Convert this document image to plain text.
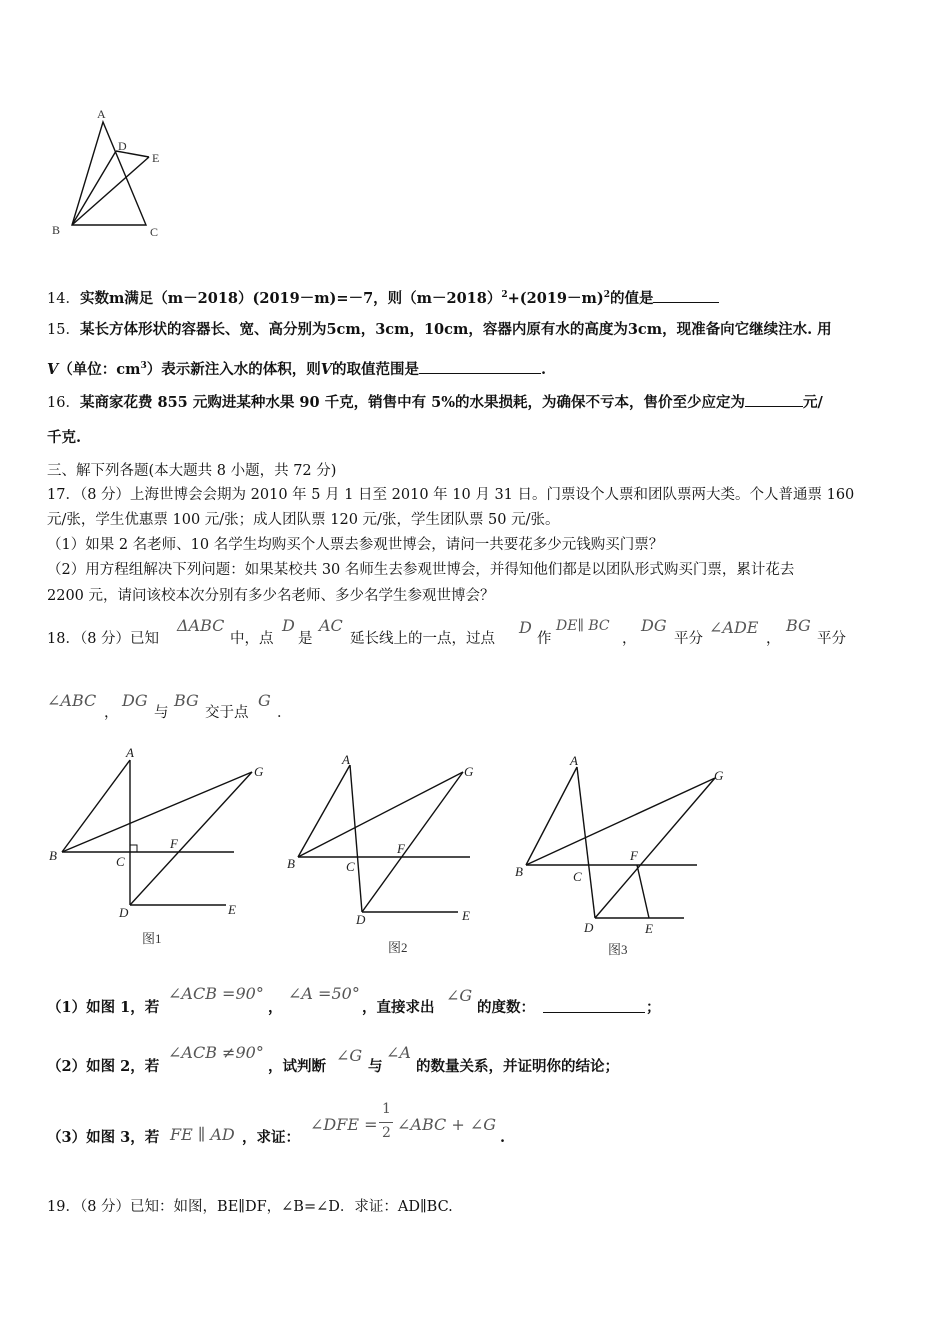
A
D
E
B	C
14．实数m满足（m－2018）(2019－m)=－7，则$(m-2018)^2+(2019-m)^2$的值是
15．某长方体形状的容器长、宽、高分别为5cm，3cm，10cm，容器内原有水的高度为3cm，现准备向它继续注水. 用
V（单位：$cm^3$）表示新注入水的体积，则V的取值范围是	.
16．某商家花费 855 元购进某种水果 90 千克，销售中有 5%的水果损耗，为确保不亏本，售价至少应定为	元/
千克.
三、解下列各题(本大题共 8 小题，共 72 分)
17．（8 分）上海世博会会期为 2010 年 5 月 1 日至 2010 年 10 月 31 日。门票设个人票和团队票两大类。个人普通票 160
元/张，学生优惠票 100 元/张；成人团队票 120 元/张，学生团队票 50 元/张。
（1）如果 2 名老师、10 名学生均购买个人票去参观世博会，请问一共要花多少元钱购买门票？
（2）用方程组解决下列问题：如果某校共 30 名师生去参观世博会，并得知他们都是以团队形式购买门票，累计花去
2200 元，请问该校本次分别有多少名老师、多少名学生参观世博会？
18．（8 分）已知
ΔABC
中，点
D
是
AC
延长线上的一点，过点
D
作
DE∥ BC
，
DG
平分
∠ADE
，
BG
平分
∠ABC
，
DG
与
BG
交于点
G
．
A
B	C
F
G
D	E
图1
A
B	C
F
G
D	E
图2
A
B	C
F
G
D	E
图3
（1）如图 1，若
∠ACB =90°
，
∠A =50°
，直接求出
∠G
的度数：	；
（2）如图 2，若
∠ACB ≠90°
，试判断
∠G
与
∠A
的数量关系，并证明你的结论；
（3）如图 3，若 FE ∥ AD ，求证：
∠DFE =
1
2 ∠ABC + ∠G
.
19．（8 分）已知：如图，BE∥DF，∠B=∠D．求证：AD∥BC.
